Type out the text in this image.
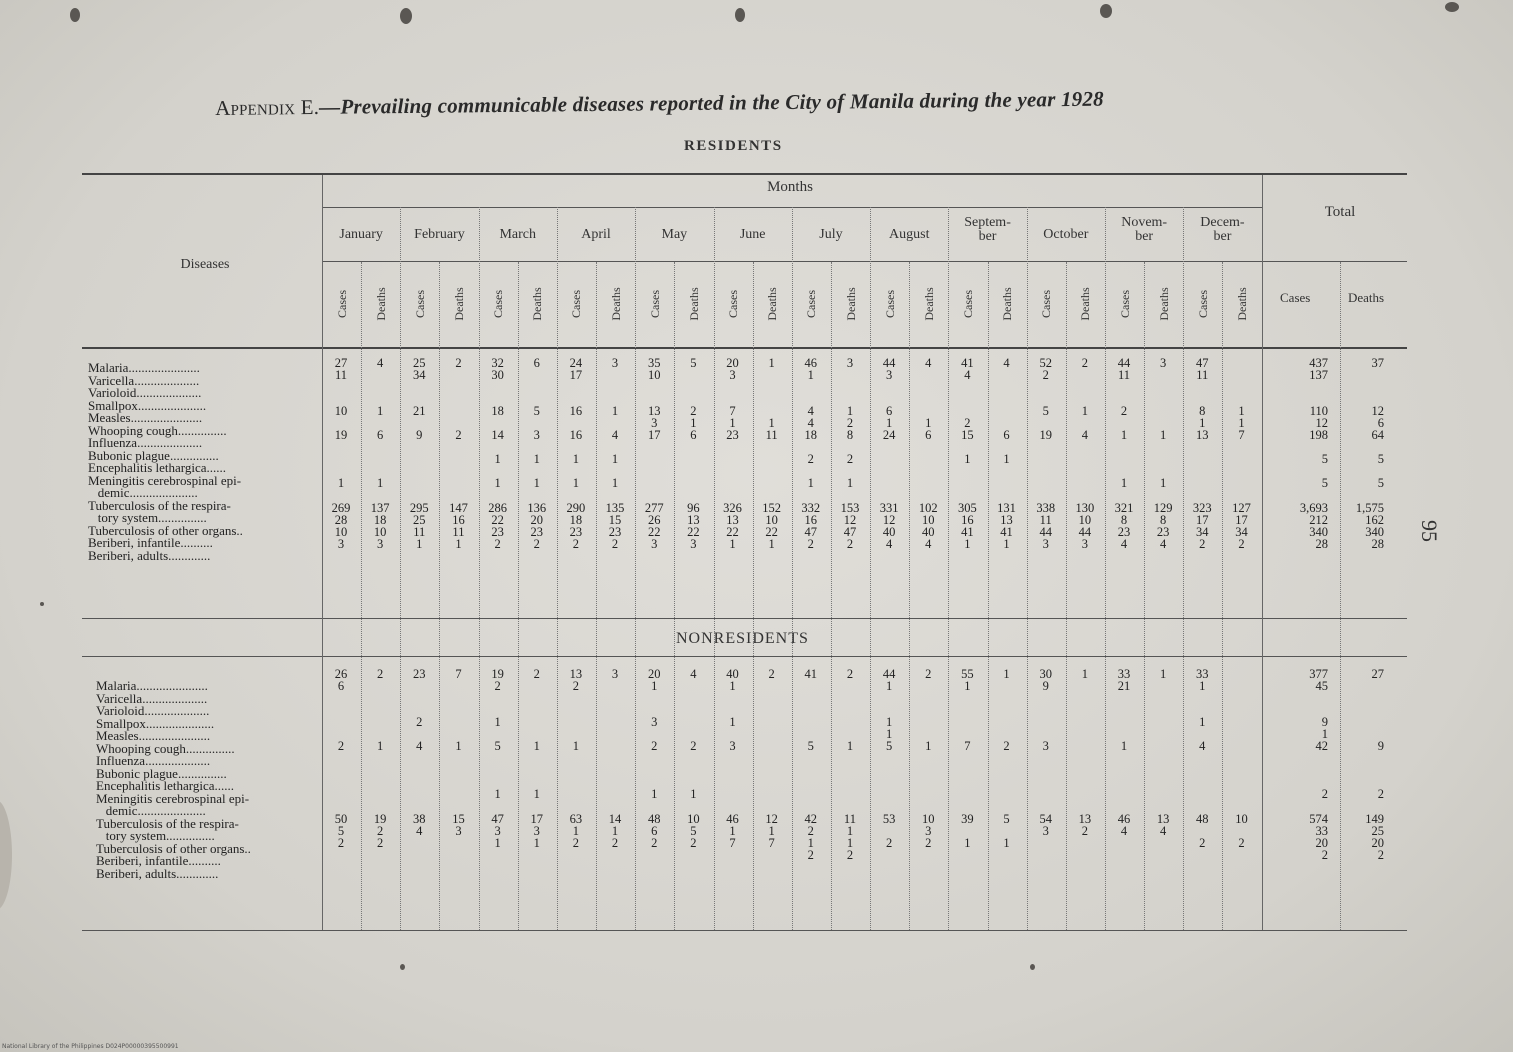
Appendix E.—Prevailing communicable diseases reported in the City of Manila during the year 1928
RESIDENTS
Months
Diseases
Total
Cases	Deaths
January
Cases Deaths
February
Cases Deaths
March
Cases Deaths
April
Cases Deaths
May
Cases Deaths
June
Cases Deaths
July
Cases Deaths
August
Cases Deaths
Septem-
ber
Cases Deaths
October
Cases Deaths
Novem-
ber
Cases Deaths
Decem-
ber
Cases Deaths
Malaria......................
Varicella....................
Varioloid....................
Smallpox.....................
Measles......................
Whooping cough...............
Influenza....................
Bubonic plague...............
Encephalitis lethargica......
Meningitis cerebrospinal epi-
demic.....................
Tuberculosis of the respira-
tory system...............
Tuberculosis of other organs..
Beriberi, infantile..........
Beriberi, adults.............
27
11

10

19

1

269
28
10
3
4

1

6

1

137
18
10
3
25
34

21

9

295
25
11
1
2

2

147
16
11
1
32
30

18

14

1

1

286
22
23
2
6

5

3

1

1

136
20
23
2
24
17

16

16

1

1

290
18
23
2
3

1

4

1

1

135
15
23
2
35
10

13
3
17

277
26
22
3
5

2
1
6

96
13
22
3
20
3

7
1
23

326
13
22
1
1

1
11

152
10
22
1
46
1

4
4
18

2

1

332
16
47
2
3

1
2
8

2

1

153
12
47
2
44
3

6
1
24

331
12
40
4
4

1
6

102
10
40
4
41
4

2
15

1

305
16
41
1
4

6

1

131
13
41
1
52
2

5

19

338
11
44
3
2

1

4

130
10
44
3
44
11

2

1

1

321
8
23
4
3

1

1

129
8
23
4
47
11

8
1
13

323
17
34
2

1
1
7

127
17
34
2
437
137

110
12
198

5

5

3,693
212
340
28
37

12
6
64

5

5

1,575
162
340
28
NONRESIDENTS
Malaria......................
Varicella....................
Varioloid....................
Smallpox.....................
Measles......................
Whooping cough...............
Influenza....................
Bubonic plague...............
Encephalitis lethargica......
Meningitis cerebrospinal epi-
demic.....................
Tuberculosis of the respira-
tory system...............
Tuberculosis of other organs..
Beriberi, infantile..........
Beriberi, adults.............
26
6

2

50
5
2
2

1

19
2
2
23

2

4

38
4
7

1

15
3
19
2

1

5

1

47
3
1
2

1

1

17
3
1
13
2

1

63
1
2
3

14
1
2
20
1

3

2

1

48
6
2
4

2

1

10
5
2
40
1

1

3

46
1
7
2

12
1
7
41

5

42
2
1
2
2

1

11
1
1
2
44
1

1
1
5

53

2
2

1

10
3
2
55
1

7

39

1
1

2

5

1
30
9

3

54
3
1

13
2
33
21

1

46
4
1

13
4
33
1

1

4

48

2

10

2
377
45

9
1
42

2

574
33
20
2
27

9

2

149
25
20
2
95
National Library of the Philippines D024P00000395500991
